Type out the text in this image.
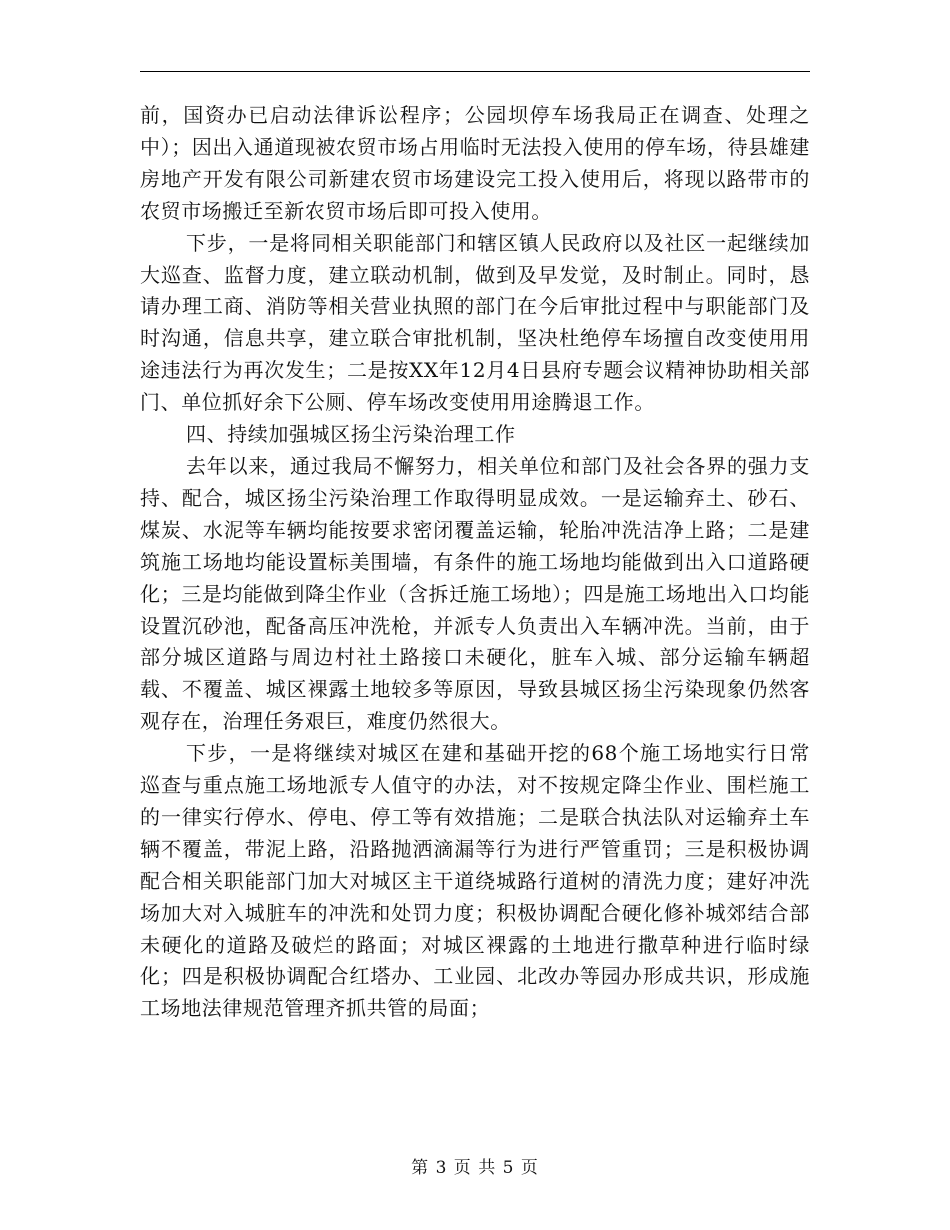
前，国资办已启动法律诉讼程序；公园坝停车场我局正在调查、处理之中）；因出入通道现被农贸市场占用临时无法投入使用的停车场，待县雄建房地产开发有限公司新建农贸市场建设完工投入使用后，将现以路带市的农贸市场搬迁至新农贸市场后即可投入使用。

下步，一是将同相关职能部门和辖区镇人民政府以及社区一起继续加大巡查、监督力度，建立联动机制，做到及早发觉，及时制止。同时，恳请办理工商、消防等相关营业执照的部门在今后审批过程中与职能部门及时沟通，信息共享，建立联合审批机制，坚决杜绝停车场擅自改变使用用途违法行为再次发生；二是按XX年12月4日县府专题会议精神协助相关部门、单位抓好余下公厕、停车场改变使用用途腾退工作。

四、持续加强城区扬尘污染治理工作

去年以来，通过我局不懈努力，相关单位和部门及社会各界的强力支持、配合，城区扬尘污染治理工作取得明显成效。一是运输弃土、砂石、煤炭、水泥等车辆均能按要求密闭覆盖运输，轮胎冲洗洁净上路；二是建筑施工场地均能设置标美围墙，有条件的施工场地均能做到出入口道路硬化；三是均能做到降尘作业（含拆迁施工场地）；四是施工场地出入口均能设置沉砂池，配备高压冲洗枪，并派专人负责出入车辆冲洗。当前，由于部分城区道路与周边村社土路接口未硬化，脏车入城、部分运输车辆超载、不覆盖、城区裸露土地较多等原因，导致县城区扬尘污染现象仍然客观存在，治理任务艰巨，难度仍然很大。

下步，一是将继续对城区在建和基础开挖的68个施工场地实行日常巡查与重点施工场地派专人值守的办法，对不按规定降尘作业、围栏施工的一律实行停水、停电、停工等有效措施；二是联合执法队对运输弃土车辆不覆盖，带泥上路，沿路抛洒滴漏等行为进行严管重罚；三是积极协调配合相关职能部门加大对城区主干道绕城路行道树的清洗力度；建好冲洗场加大对入城脏车的冲洗和处罚力度；积极协调配合硬化修补城郊结合部未硬化的道路及破烂的路面；对城区裸露的土地进行撒草种进行临时绿化；四是积极协调配合红塔办、工业园、北改办等园办形成共识，形成施工场地法律规范管理齐抓共管的局面；

第 3 页 共 5 页
